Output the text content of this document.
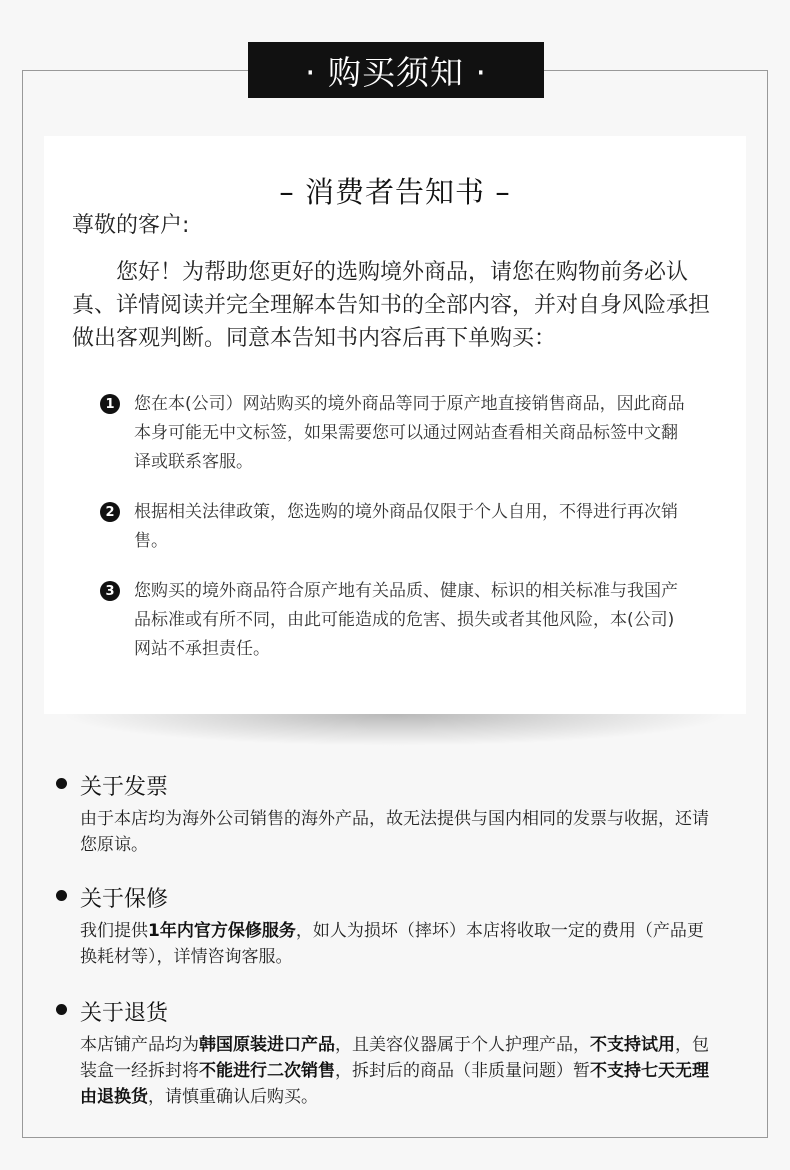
· 购买须知 ·
– 消费者告知书 –
尊敬的客户:
您好！为帮助您更好的选购境外商品，请您在购物前务必认真、详情阅读并完全理解本告知书的全部内容，并对自身风险承担做出客观判断。同意本告知书内容后再下单购买：
1	您在本(公司）网站购买的境外商品等同于原产地直接销售商品，因此商品本身可能无中文标签，如果需要您可以通过网站查看相关商品标签中文翻译或联系客服。
2	根据相关法律政策，您选购的境外商品仅限于个人自用，不得进行再次销售。
3	您购买的境外商品符合原产地有关品质、健康、标识的相关标准与我国产品标准或有所不同，由此可能造成的危害、损失或者其他风险，本(公司)网站不承担责任。
关于发票
由于本店均为海外公司销售的海外产品，故无法提供与国内相同的发票与收据，还请您原谅。
关于保修
我们提供1年内官方保修服务，如人为损坏（摔坏）本店将收取一定的费用（产品更换耗材等），详情咨询客服。
关于退货
本店铺产品均为韩国原装进口产品，且美容仪器属于个人护理产品，不支持试用，包装盒一经拆封将不能进行二次销售，拆封后的商品（非质量问题）暂不支持七天无理由退换货，请慎重确认后购买。
